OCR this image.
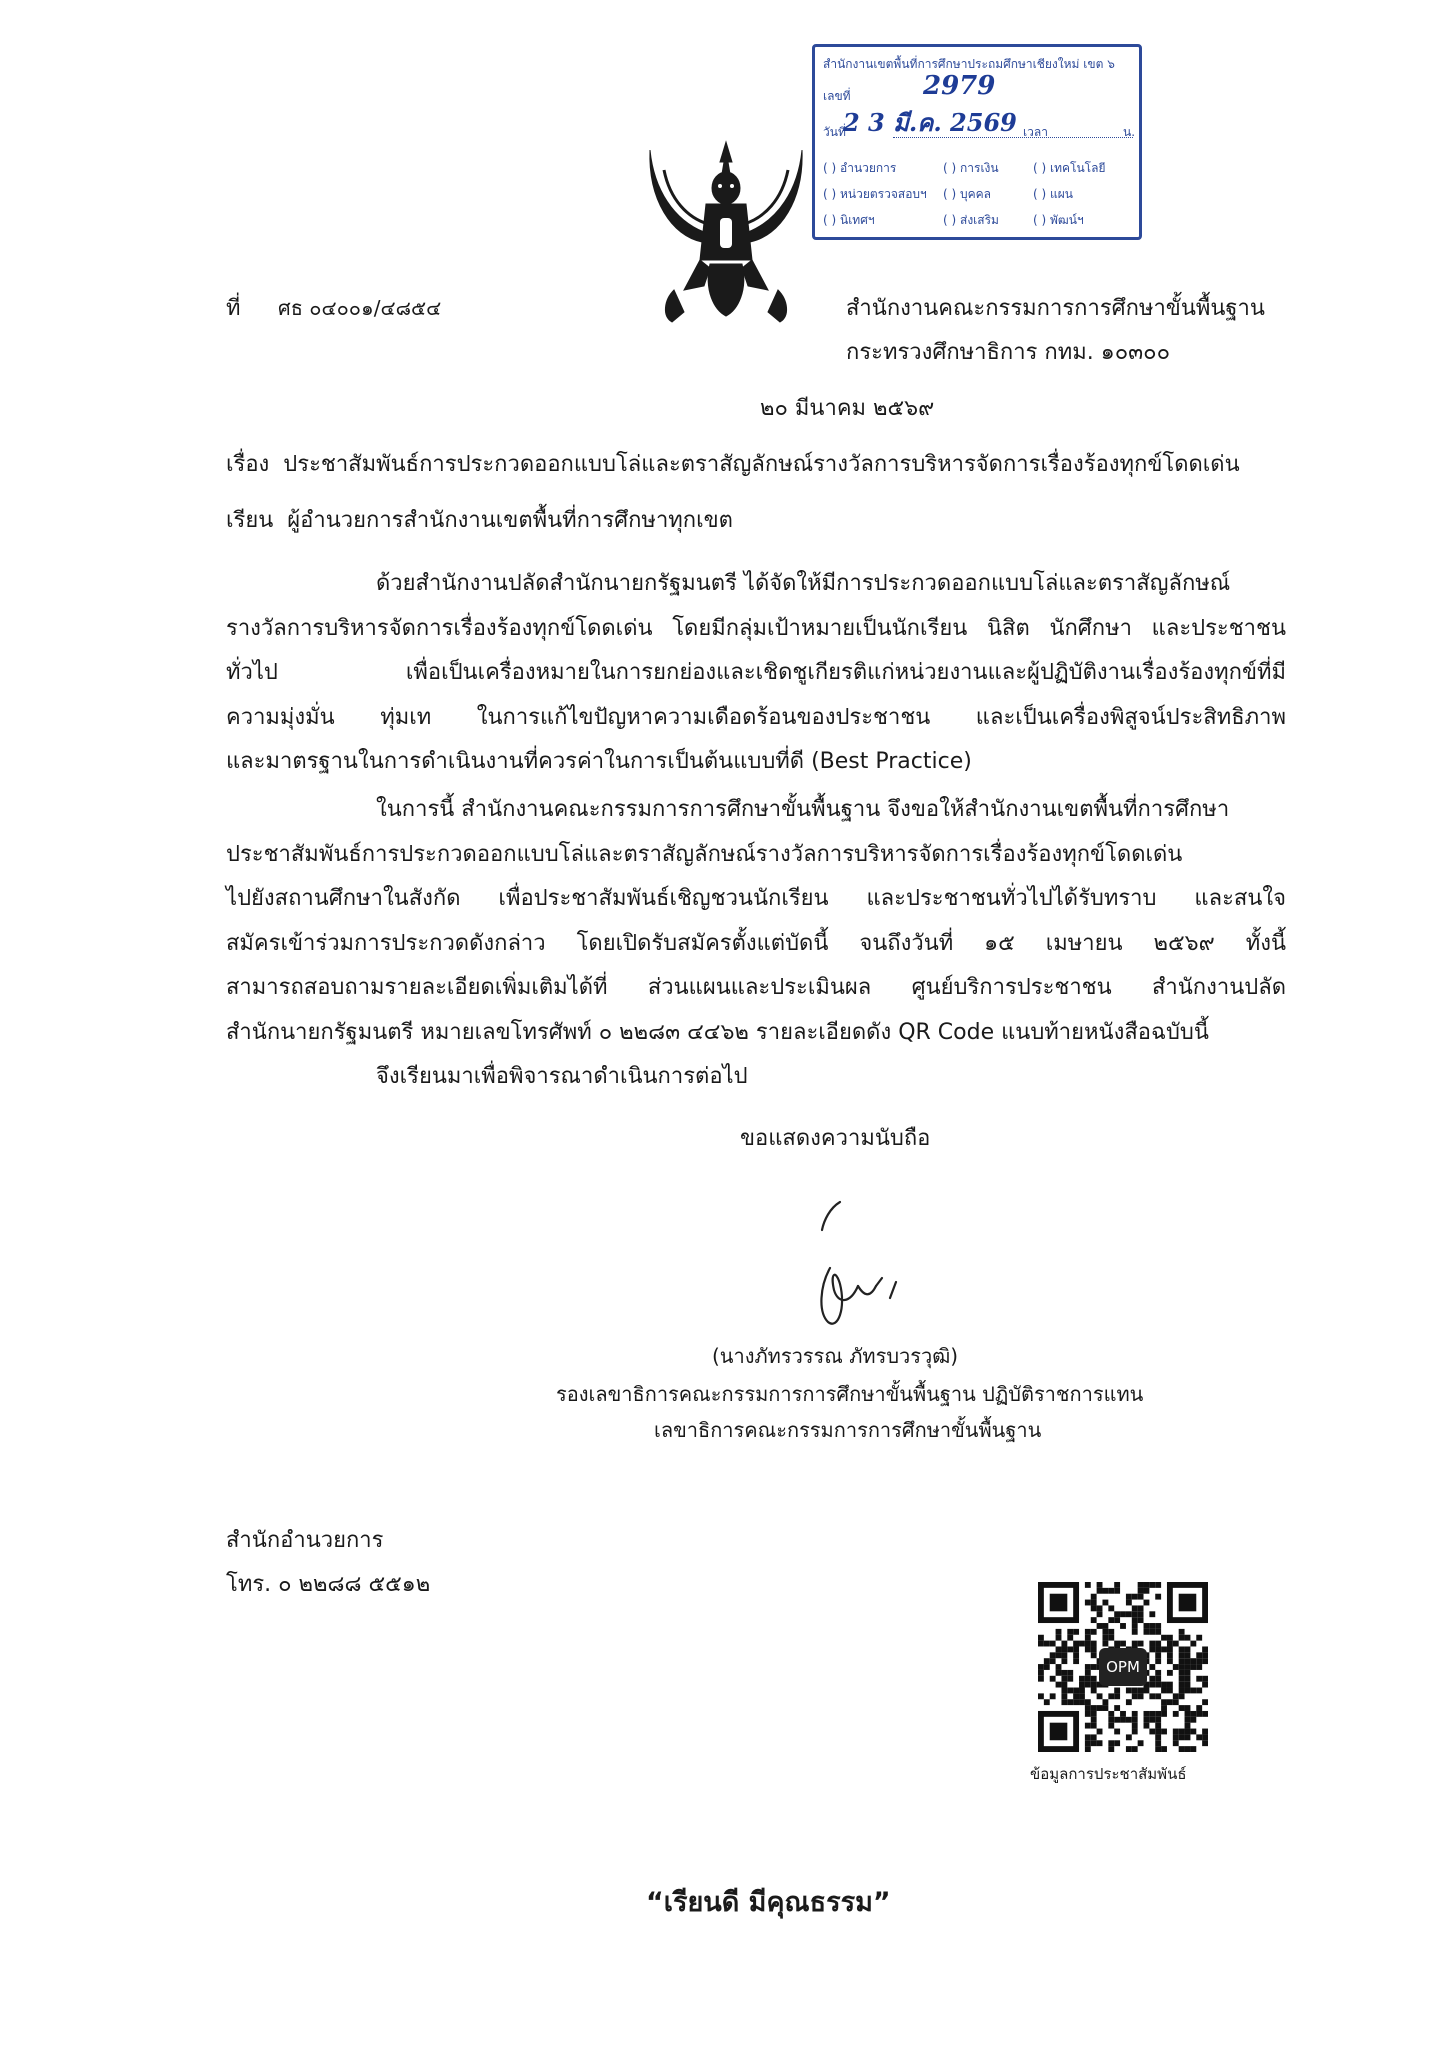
สำนักงานเขตพื้นที่การศึกษาประถมศึกษาเชียงใหม่ เขต ๖
เลขที่	2979
วันที่
2 3 มี.ค. 2569 เวลา	น.
( ) อำนวยการ	( ) การเงิน	( ) เทคโนโลยี
( ) หน่วยตรวจสอบฯ ( ) บุคคล	( ) แผน
( ) นิเทศฯ	( ) ส่งเสริม	( ) พัฒน์ฯ
ที่ ศธ ๐๔๐๐๑/๔๘๕๔	สำนักงานคณะกรรมการการศึกษาขั้นพื้นฐาน
กระทรวงศึกษาธิการ กทม. ๑๐๓๐๐
๒๐ มีนาคม ๒๕๖๙
เรื่อง ประชาสัมพันธ์การประกวดออกแบบโล่และตราสัญลักษณ์รางวัลการบริหารจัดการเรื่องร้องทุกข์โดดเด่น
เรียน ผู้อำนวยการสำนักงานเขตพื้นที่การศึกษาทุกเขต
ด้วยสำนักงานปลัดสำนักนายกรัฐมนตรี ได้จัดให้มีการประกวดออกแบบโล่และตราสัญลักษณ์
รางวัลการบริหารจัดการเรื่องร้องทุกข์โดดเด่น โดยมีกลุ่มเป้าหมายเป็นนักเรียน นิสิต นักศึกษา และประชาชน
ทั่วไป เพื่อเป็นเครื่องหมายในการยกย่องและเชิดชูเกียรติแก่หน่วยงานและผู้ปฏิบัติงานเรื่องร้องทุกข์ที่มี
ความมุ่งมั่น ทุ่มเท ในการแก้ไขปัญหาความเดือดร้อนของประชาชน และเป็นเครื่องพิสูจน์ประสิทธิภาพ
และมาตรฐานในการดำเนินงานที่ควรค่าในการเป็นต้นแบบที่ดี (Best Practice)
ในการนี้ สำนักงานคณะกรรมการการศึกษาขั้นพื้นฐาน จึงขอให้สำนักงานเขตพื้นที่การศึกษา
ประชาสัมพันธ์การประกวดออกแบบโล่และตราสัญลักษณ์รางวัลการบริหารจัดการเรื่องร้องทุกข์โดดเด่น
ไปยังสถานศึกษาในสังกัด เพื่อประชาสัมพันธ์เชิญชวนนักเรียน และประชาชนทั่วไปได้รับทราบ และสนใจ
สมัครเข้าร่วมการประกวดดังกล่าว โดยเปิดรับสมัครตั้งแต่บัดนี้ จนถึงวันที่ ๑๕ เมษายน ๒๕๖๙ ทั้งนี้
สามารถสอบถามรายละเอียดเพิ่มเติมได้ที่ ส่วนแผนและประเมินผล ศูนย์บริการประชาชน สำนักงานปลัด
สำนักนายกรัฐมนตรี หมายเลขโทรศัพท์ ๐ ๒๒๘๓ ๔๔๖๒ รายละเอียดดัง QR Code แนบท้ายหนังสือฉบับนี้
จึงเรียนมาเพื่อพิจารณาดำเนินการต่อไป
ขอแสดงความนับถือ
(นางภัทรวรรณ ภัทรบวรวุฒิ)
รองเลขาธิการคณะกรรมการการศึกษาขั้นพื้นฐาน ปฏิบัติราชการแทน
เลขาธิการคณะกรรมการการศึกษาขั้นพื้นฐาน
สำนักอำนวยการ
โทร. ๐ ๒๒๘๘ ๕๕๑๒
OPM
ข้อมูลการประชาสัมพันธ์
“เรียนดี มีคุณธรรม”
